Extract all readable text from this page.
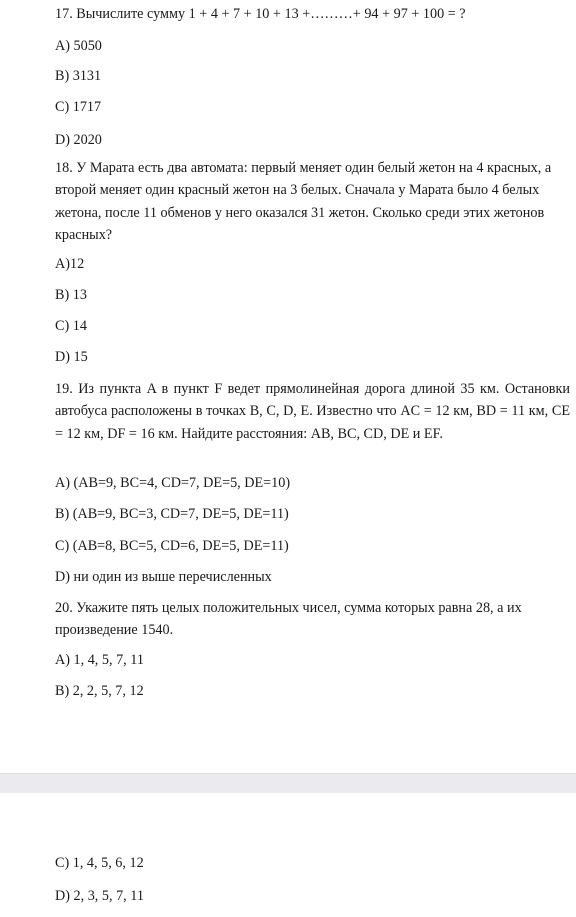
17. Вычислите сумму 1 + 4 + 7 + 10 + 13 +………+ 94 + 97 + 100 = ?
A) 5050
B) 3131
C) 1717
D) 2020
18. У Марата есть два автомата: первый меняет один белый жетон на 4 красных, а второй меняет один красный жетон на 3 белых. Сначала у Марата было 4 белых жетона, после 11 обменов у него оказался 31 жетон. Сколько среди этих жетонов красных?
A)12
B) 13
C) 14
D) 15
19. Из пункта A в пункт F ведет прямолинейная дорога длиной 35 км. Остановки автобуса расположены в точках B, C, D, E. Известно что AC = 12 км, BD = 11 км, CE = 12 км, DF = 16 км. Найдите расстояния: AB, BC, CD, DE и EF.
A) (AB=9, BC=4, CD=7, DE=5, DE=10)
B) (AB=9, BC=3, CD=7, DE=5, DE=11)
C) (AB=8, BC=5, CD=6, DE=5, DE=11)
D) ни один из выше перечисленных
20. Укажите пять целых положительных чисел, сумма которых равна 28, а их произведение 1540.
A) 1, 4, 5, 7, 11
B) 2, 2, 5, 7, 12
C) 1, 4, 5, 6, 12
D) 2, 3, 5, 7, 11
